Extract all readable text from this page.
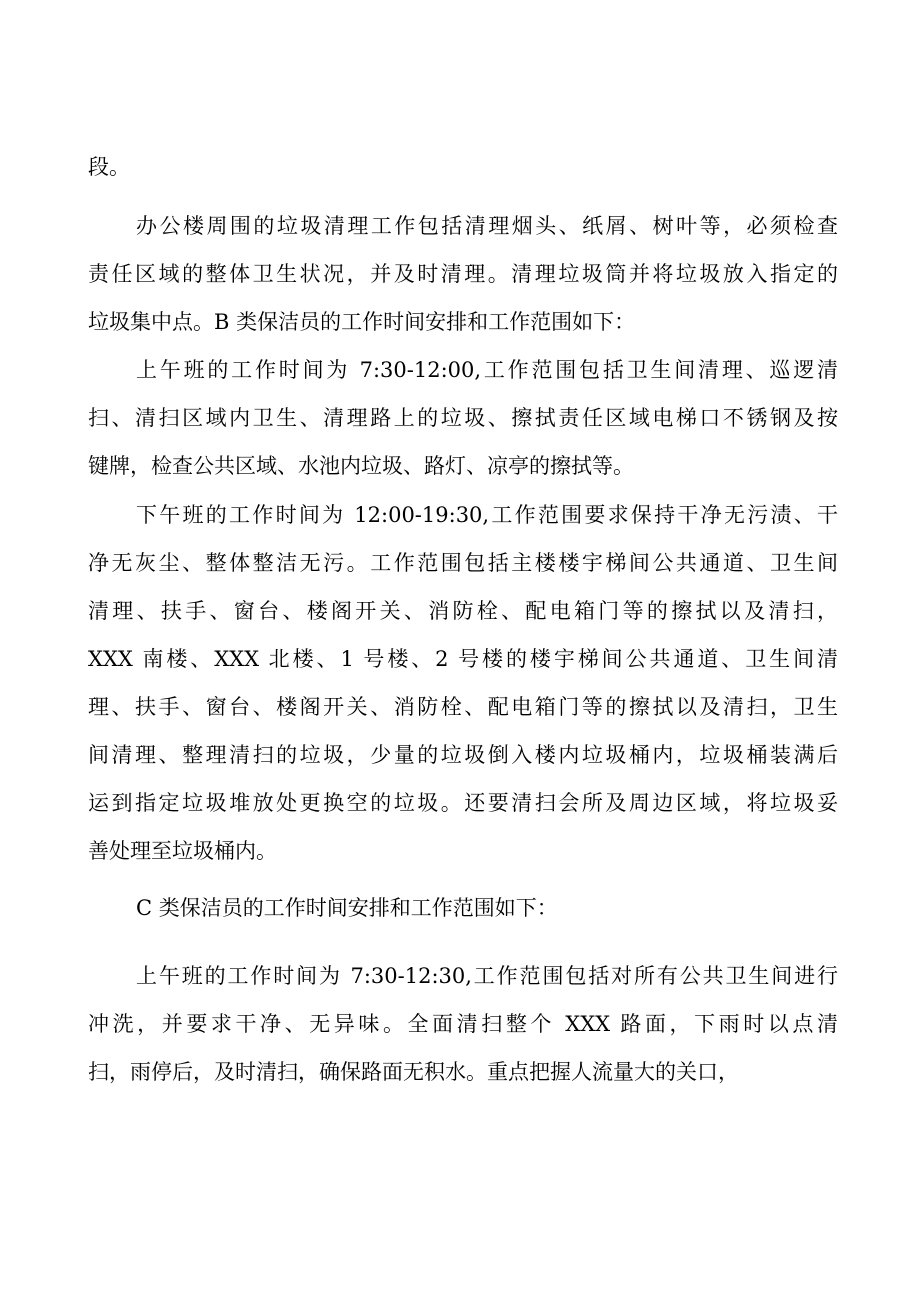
段。
办公楼周围的垃圾清理工作包括清理烟头、纸屑、树叶等，必须检查
责任区域的整体卫生状况，并及时清理。清理垃圾筒并将垃圾放入指定的
垃圾集中点。B 类保洁员的工作时间安排和工作范围如下：
上午班的工作时间为 7:30-12:00,工作范围包括卫生间清理、巡逻清
扫、清扫区域内卫生、清理路上的垃圾、擦拭责任区域电梯口不锈钢及按
键牌，检查公共区域、水池内垃圾、路灯、凉亭的擦拭等。
下午班的工作时间为 12:00-19:30,工作范围要求保持干净无污渍、干
净无灰尘、整体整洁无污。工作范围包括主楼楼宇梯间公共通道、卫生间
清理、扶手、窗台、楼阁开关、消防栓、配电箱门等的擦拭以及清扫，
XXX 南楼、XXX 北楼、1 号楼、2 号楼的楼宇梯间公共通道、卫生间清
理、扶手、窗台、楼阁开关、消防栓、配电箱门等的擦拭以及清扫，卫生
间清理、整理清扫的垃圾，少量的垃圾倒入楼内垃圾桶内，垃圾桶装满后
运到指定垃圾堆放处更换空的垃圾。还要清扫会所及周边区域，将垃圾妥
善处理至垃圾桶内。
C 类保洁员的工作时间安排和工作范围如下：
上午班的工作时间为 7:30-12:30,工作范围包括对所有公共卫生间进行
冲洗，并要求干净、无异味。全面清扫整个 XXX 路面，下雨时以点清
扫，雨停后，及时清扫，确保路面无积水。重点把握人流量大的关口，
